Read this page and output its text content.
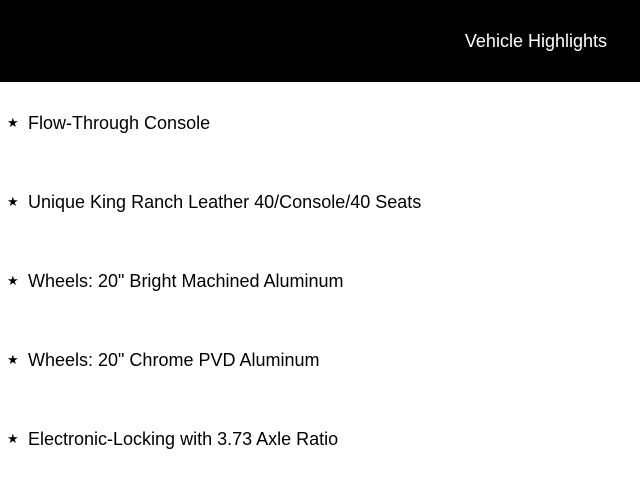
Vehicle Highlights
★ Flow-Through Console
★ Unique King Ranch Leather 40/Console/40 Seats
★ Wheels: 20" Bright Machined Aluminum
★ Wheels: 20" Chrome PVD Aluminum
★ Electronic-Locking with 3.73 Axle Ratio
